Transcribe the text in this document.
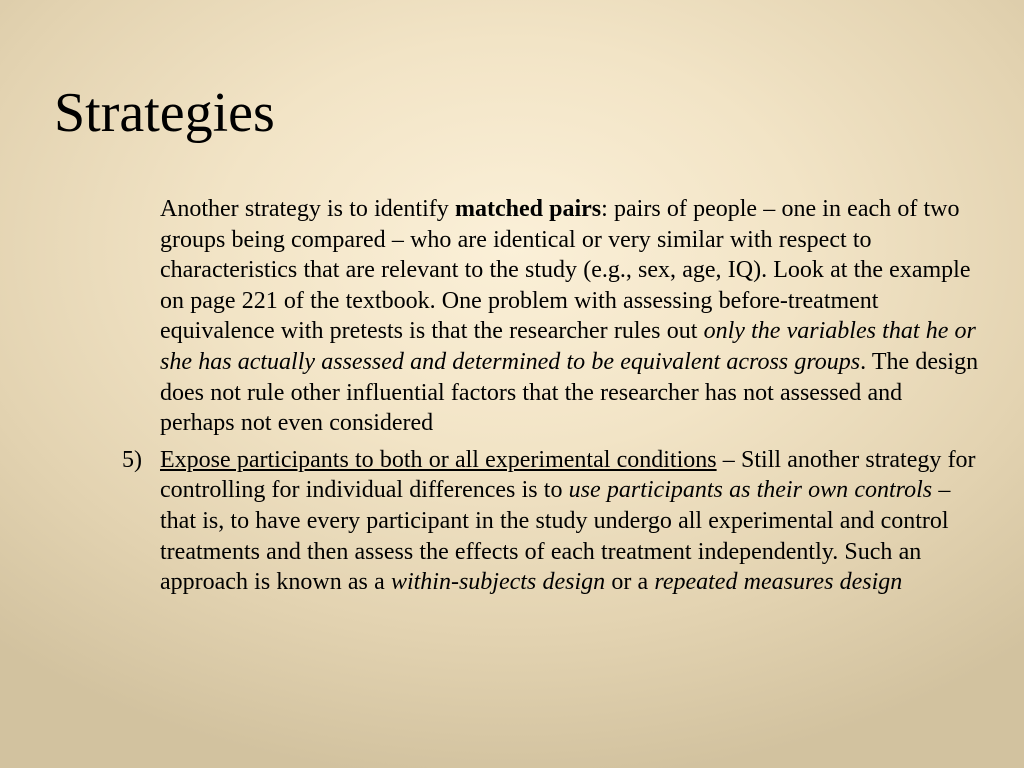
Strategies

Another strategy is to identify matched pairs: pairs of people – one in each of two groups being compared – who are identical or very similar with respect to characteristics that are relevant to the study (e.g., sex, age, IQ). Look at the example on page 221 of the textbook. One problem with assessing before-treatment equivalence with pretests is that the researcher rules out only the variables that he or she has actually assessed and determined to be equivalent across groups. The design does not rule other influential factors that the researcher has not assessed and perhaps not even considered

5) Expose participants to both or all experimental conditions – Still another strategy for controlling for individual differences is to use participants as their own controls – that is, to have every participant in the study undergo all experimental and control treatments and then assess the effects of each treatment independently. Such an approach is known as a within-subjects design or a repeated measures design
